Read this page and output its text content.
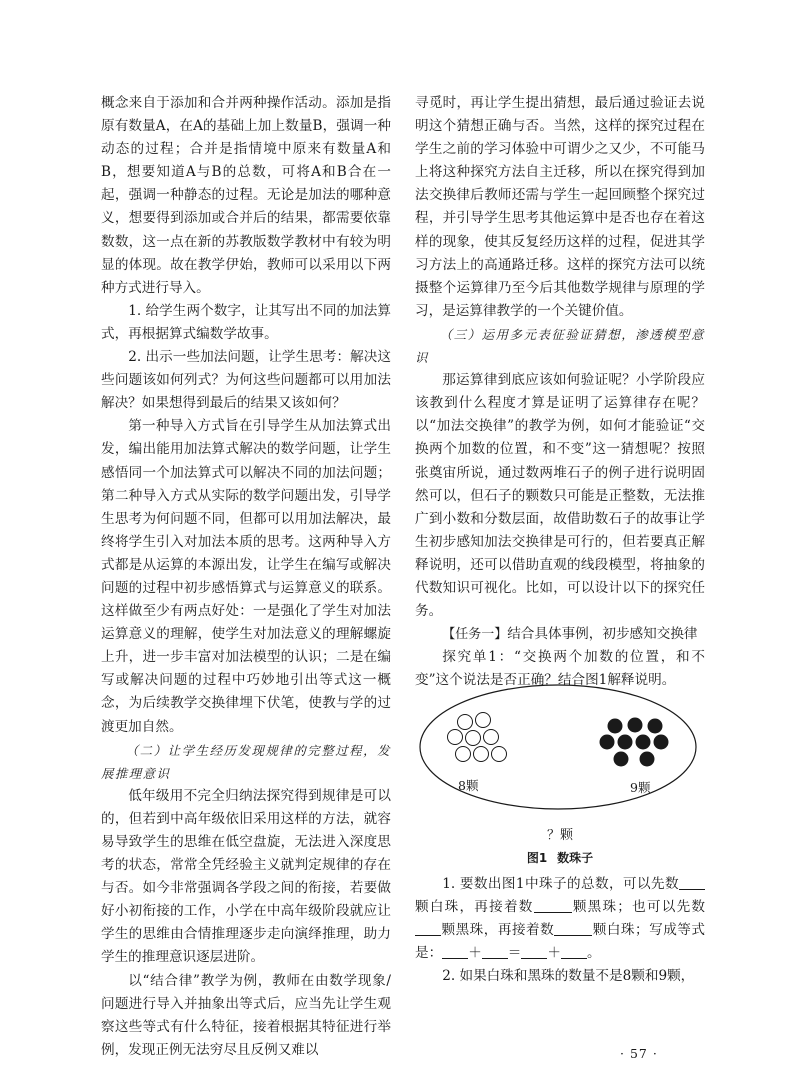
概念来自于添加和合并两种操作活动。添加是指原有数量A，在A的基础上加上数量B，强调一种动态的过程；合并是指情境中原来有数量A和B，想要知道A与B的总数，可将A和B合在一起，强调一种静态的过程。无论是加法的哪种意义，想要得到添加或合并后的结果，都需要依靠数数，这一点在新的苏教版数学教材中有较为明显的体现。故在教学伊始，教师可以采用以下两种方式进行导入。

1. 给学生两个数字，让其写出不同的加法算式，再根据算式编数学故事。

2. 出示一些加法问题，让学生思考：解决这些问题该如何列式？为何这些问题都可以用加法解决？如果想得到最后的结果又该如何？

第一种导入方式旨在引导学生从加法算式出发，编出能用加法算式解决的数学问题，让学生感悟同一个加法算式可以解决不同的加法问题；第二种导入方式从实际的数学问题出发，引导学生思考为何问题不同，但都可以用加法解决，最终将学生引入对加法本质的思考。这两种导入方式都是从运算的本源出发，让学生在编写或解决问题的过程中初步感悟算式与运算意义的联系。这样做至少有两点好处：一是强化了学生对加法运算意义的理解，使学生对加法意义的理解螺旋上升，进一步丰富对加法模型的认识；二是在编写或解决问题的过程中巧妙地引出等式这一概念，为后续教学交换律埋下伏笔，使教与学的过渡更加自然。

（二）让学生经历发现规律的完整过程，发展推理意识

低年级用不完全归纳法探究得到规律是可以的，但若到中高年级依旧采用这样的方法，就容易导致学生的思维在低空盘旋，无法进入深度思考的状态，常常全凭经验主义就判定规律的存在与否。如今非常强调各学段之间的衔接，若要做好小初衔接的工作，小学在中高年级阶段就应让学生的思维由合情推理逐步走向演绎推理，助力学生的推理意识逐层进阶。

以“结合律”教学为例，教师在由数学现象/问题进行导入并抽象出等式后，应当先让学生观察这些等式有什么特征，接着根据其特征进行举例，发现正例无法穷尽且反例又难以

寻觅时，再让学生提出猜想，最后通过验证去说明这个猜想正确与否。当然，这样的探究过程在学生之前的学习体验中可谓少之又少，不可能马上将这种探究方法自主迁移，所以在探究得到加法交换律后教师还需与学生一起回顾整个探究过程，并引导学生思考其他运算中是否也存在着这样的现象，使其反复经历这样的过程，促进其学习方法上的高通路迁移。这样的探究方法可以统摄整个运算律乃至今后其他数学规律与原理的学习，是运算律教学的一个关键价值。

（三）运用多元表征验证猜想，渗透模型意识

那运算律到底应该如何验证呢？小学阶段应该教到什么程度才算是证明了运算律存在呢？以“加法交换律”的教学为例，如何才能验证“交换两个加数的位置，和不变”这一猜想呢？按照张奠宙所说，通过数两堆石子的例子进行说明固然可以，但石子的颗数只可能是正整数，无法推广到小数和分数层面，故借助数石子的故事让学生初步感知加法交换律是可行的，但若要真正解释说明，还可以借助直观的线段模型，将抽象的代数知识可视化。比如，可以设计以下的探究任务。

【任务一】结合具体事例，初步感知交换律

探究单1：“交换两个加数的位置，和不变”这个说法是否正确？结合图1解释说明。

8颗	9颗
？颗
图1 数珠子

1. 要数出图1中珠子的总数，可以先数颗白珠，再接着数	颗黑珠；也可以先数颗黑珠，再接着数	颗白珠；写成等式是： ＋ ＝ ＋ 。

2. 如果白珠和黑珠的数量不是8颗和9颗，

· 57 ·
